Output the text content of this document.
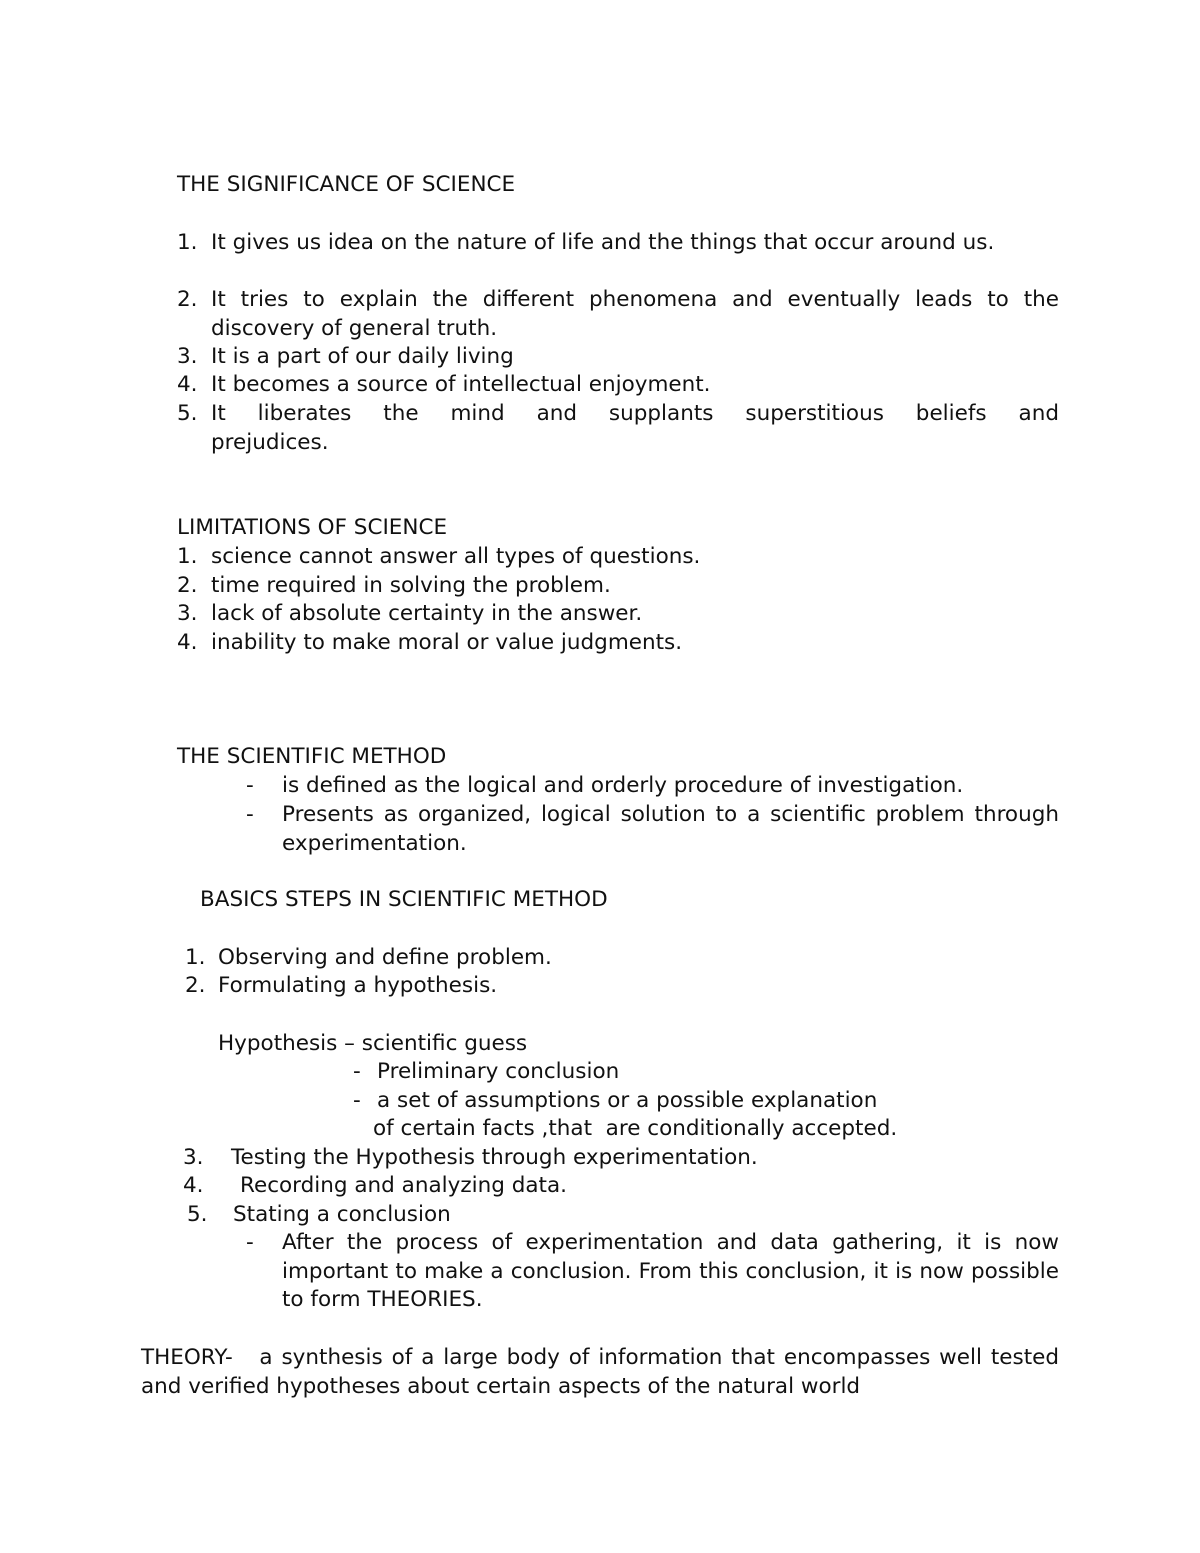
THE SIGNIFICANCE OF SCIENCE
1. It gives us idea on the nature of life and the things that occur around us.
2. It tries to explain the different phenomena and eventually leads to the discovery of general truth.
3. It is a part of our daily living
4. It becomes a source of intellectual enjoyment.
5. It liberates the mind and supplants superstitious beliefs and prejudices.
LIMITATIONS OF SCIENCE
1. science cannot answer all types of questions.
2. time required in solving the problem.
3. lack of absolute certainty in the answer.
4. inability to make moral or value judgments.
THE SCIENTIFIC METHOD
- is defined as the logical and orderly procedure of investigation.
- Presents as organized, logical solution to a scientific problem through experimentation.
BASICS STEPS IN SCIENTIFIC METHOD
1. Observing and define problem.
2. Formulating a hypothesis.
Hypothesis – scientific guess
- Preliminary conclusion
- a set of assumptions or a possible explanation
of certain facts ,that  are conditionally accepted.
3. Testing the Hypothesis through experimentation.
4. Recording and analyzing data.
5. Stating a conclusion
- After the process of experimentation and data gathering, it is now important to make a conclusion. From this conclusion, it is now possible to form THEORIES.
THEORY-   a synthesis of a large body of information that encompasses well tested and verified hypotheses about certain aspects of the natural world
